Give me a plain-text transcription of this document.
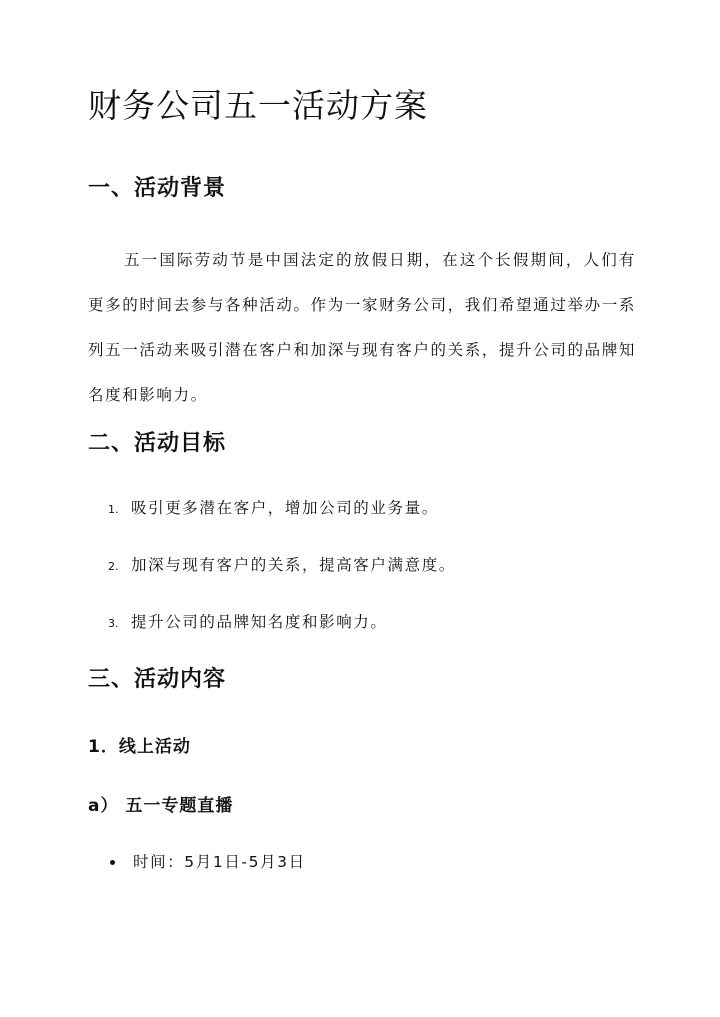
财务公司五一活动方案
一、活动背景

五一国际劳动节是中国法定的放假日期，在这个长假期间，人们有更多的时间去参与各种活动。作为一家财务公司，我们希望通过举办一系列五一活动来吸引潜在客户和加深与现有客户的关系，提升公司的品牌知名度和影响力。

二、活动目标
1. 吸引更多潜在客户，增加公司的业务量。
2. 加深与现有客户的关系，提高客户满意度。
3. 提升公司的品牌知名度和影响力。
三、活动内容
1．线上活动
a） 五一专题直播
时间：5月1日-5月3日
